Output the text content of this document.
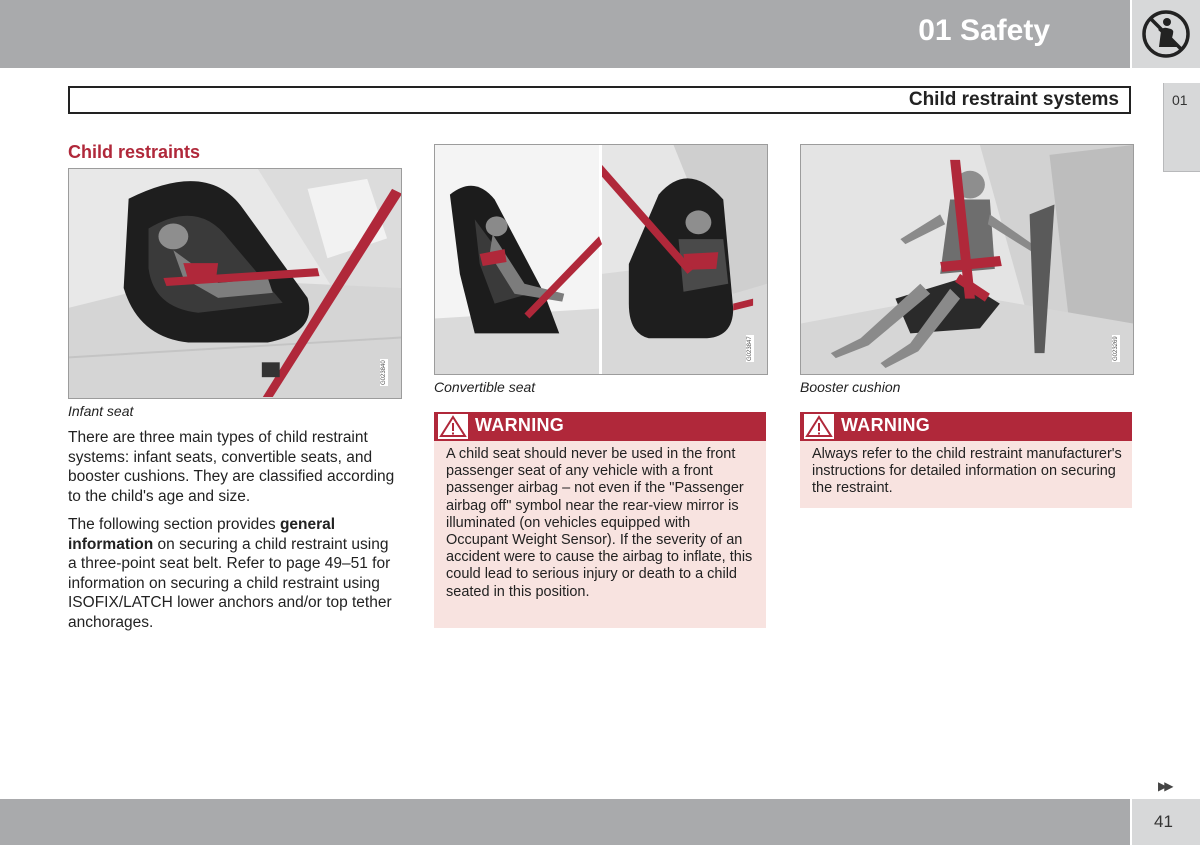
01 Safety
01
Child restraint systems
Child restraints
G023840
Infant seat
G023847
Convertible seat
G023269
Booster cushion

There are three main types of child restraint systems: infant seats, convertible seats, and booster cushions. They are classified according to the child's age and size.

The following section provides general information on securing a child restraint using a three-point seat belt. Refer to page 49–51 for information on securing a child restraint using ISOFIX/LATCH lower anchors and/or top tether anchorages.

WARNING
A child seat should never be used in the front passenger seat of any vehicle with a front passenger airbag – not even if the "Passenger airbag off" symbol near the rear-view mirror is illuminated (on vehicles equipped with Occupant Weight Sensor). If the severity of an accident were to cause the airbag to inflate, this could lead to serious injury or death to a child seated in this position.
WARNING
Always refer to the child restraint manufacturer's instructions for detailed information on securing the restraint.
▶▶
41
